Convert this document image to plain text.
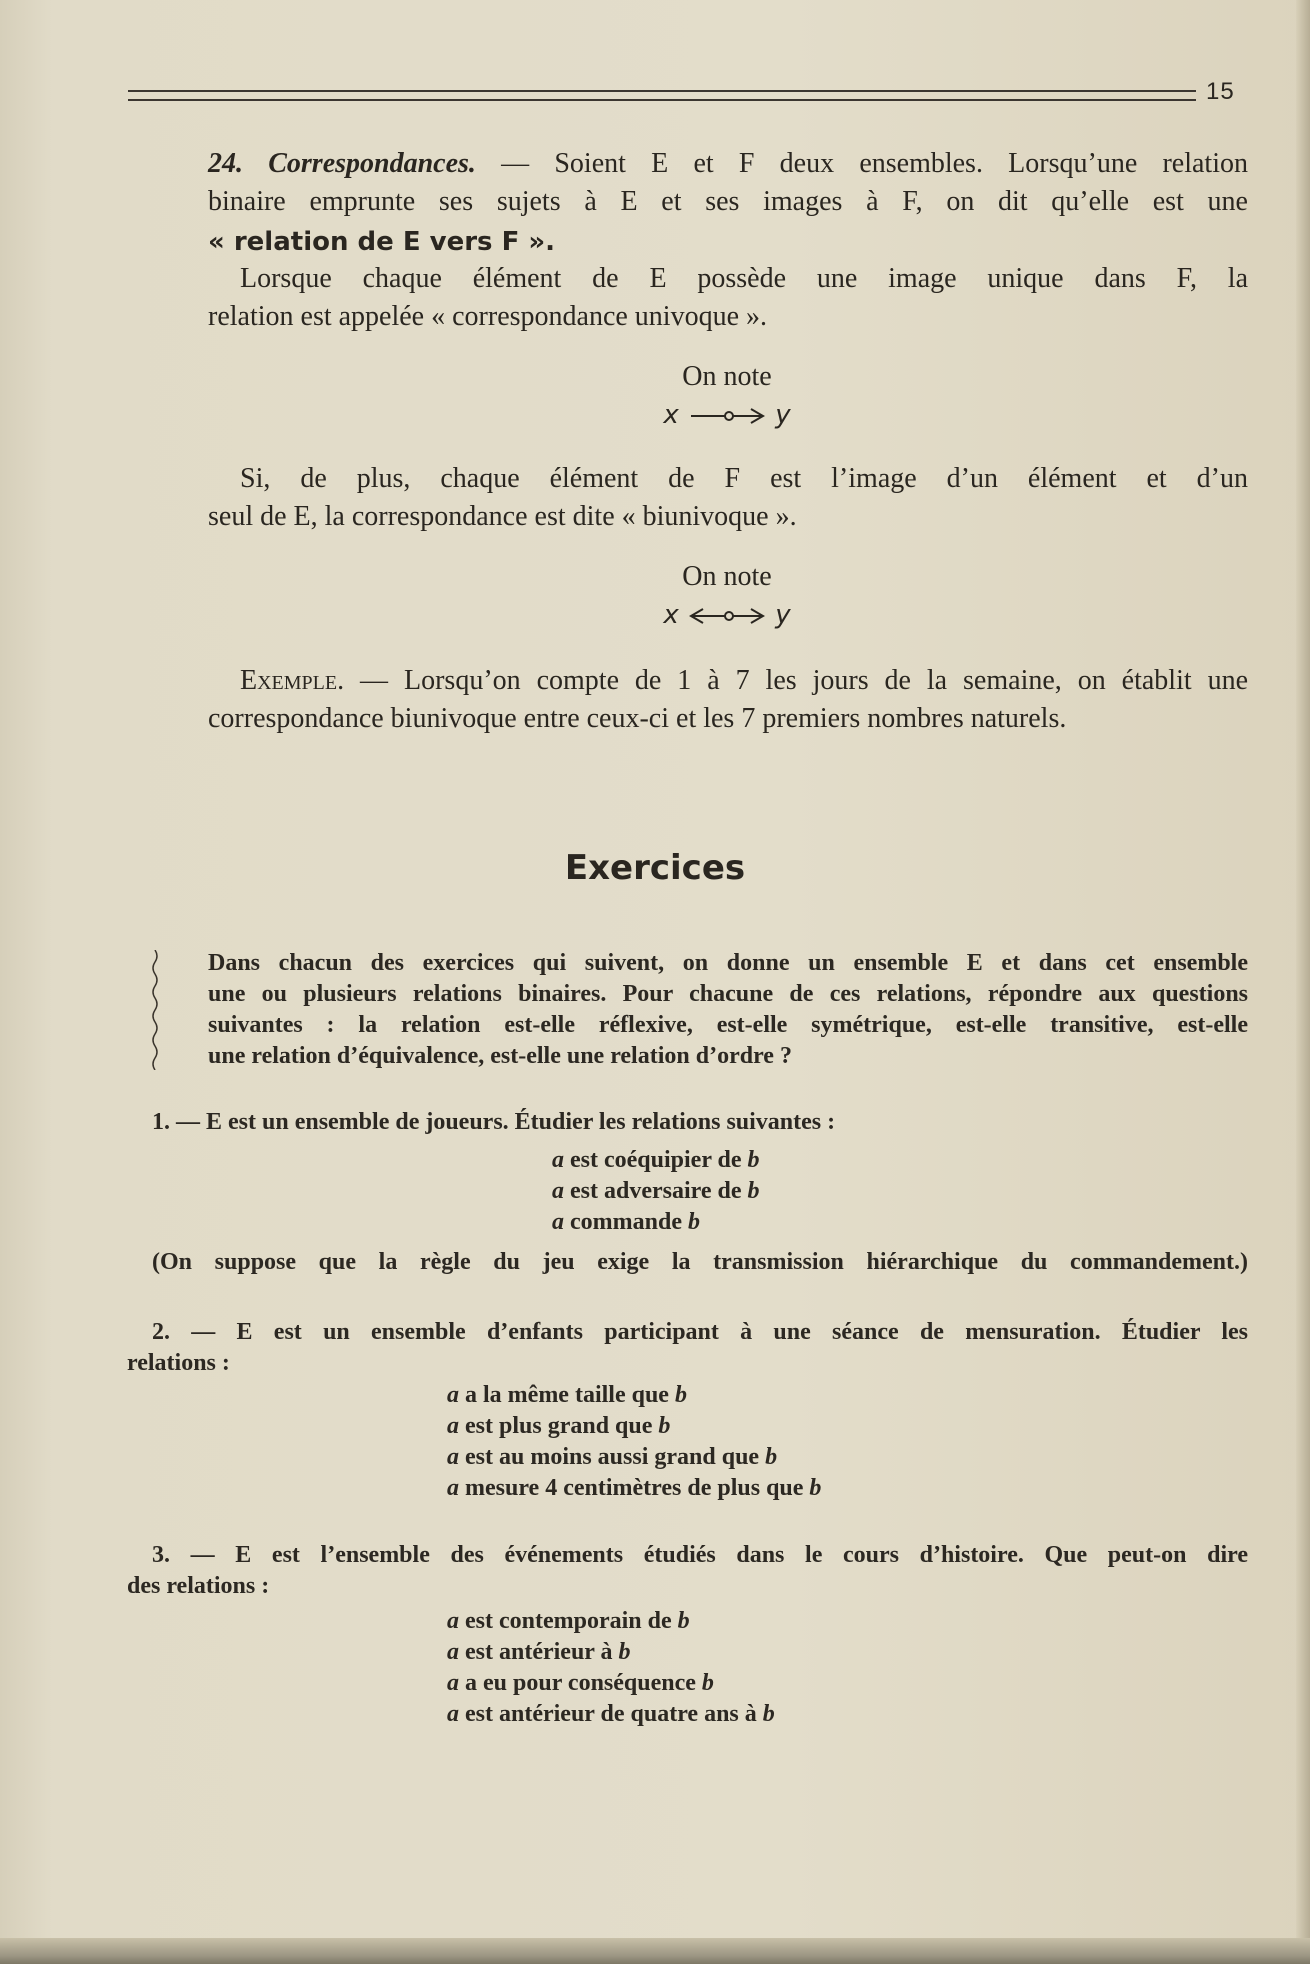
15

24. Correspondances. — Soient E et F deux ensembles. Lorsqu’une relation

binaire emprunte ses sujets à E et ses images à F, on dit qu’elle est une

« relation de E vers F ».

Lorsque chaque élément de E possède une image unique dans F, la

relation est appelée « correspondance univoque ».

On note
x	y

Si, de plus, chaque élément de F est l’image d’un élément et d’un

seul de E, la correspondance est dite « biunivoque ».

On note
x	y

Exemple. — Lorsqu’on compte de 1 à 7 les jours de la semaine, on établit une

correspondance biunivoque entre ceux-ci et les 7 premiers nombres naturels.

Exercices

Dans chacun des exercices qui suivent, on donne un ensemble E et dans cet ensemble

une ou plusieurs relations binaires. Pour chacune de ces relations, répondre aux questions

suivantes : la relation est-elle réflexive, est-elle symétrique, est-elle transitive, est-elle

une relation d’équivalence, est-elle une relation d’ordre ?

1. — E est un ensemble de joueurs. Étudier les relations suivantes :

a est coéquipier de b
a est adversaire de b
a commande b

(On suppose que la règle du jeu exige la transmission hiérarchique du commandement.)

2. — E est un ensemble d’enfants participant à une séance de mensuration. Étudier les

relations :

a a la même taille que b
a est plus grand que b
a est au moins aussi grand que b
a mesure 4 centimètres de plus que b

3. — E est l’ensemble des événements étudiés dans le cours d’histoire. Que peut-on dire

des relations :

a est contemporain de b
a est antérieur à b
a a eu pour conséquence b
a est antérieur de quatre ans à b
